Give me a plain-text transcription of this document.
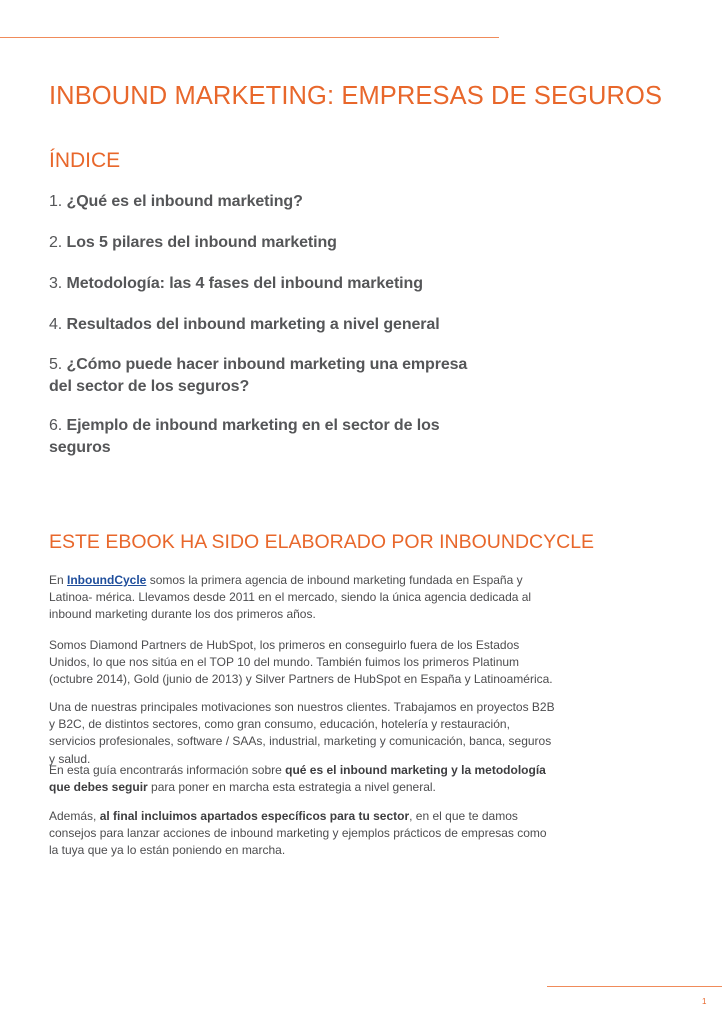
INBOUND MARKETING: EMPRESAS DE SEGUROS
ÍNDICE
1. ¿Qué es el inbound marketing?
2. Los 5 pilares del inbound marketing
3. Metodología: las 4 fases del inbound marketing
4. Resultados del inbound marketing a nivel general
5. ¿Cómo puede hacer inbound marketing una empresa del sector de los seguros?
6. Ejemplo de inbound marketing en el sector de los seguros
ESTE EBOOK HA SIDO ELABORADO POR INBOUNDCYCLE

En InboundCycle somos la primera agencia de inbound marketing fundada en España y Latinoa- mérica. Llevamos desde 2011 en el mercado, siendo la única agencia dedicada al inbound marketing durante los dos primeros años.

Somos Diamond Partners de HubSpot, los primeros en conseguirlo fuera de los Estados Unidos, lo que nos sitúa en el TOP 10 del mundo. También fuimos los primeros Platinum (octubre 2014), Gold (junio de 2013) y Silver Partners de HubSpot en España y Latinoamérica.

Una de nuestras principales motivaciones son nuestros clientes. Trabajamos en proyectos B2B y B2C, de distintos sectores, como gran consumo, educación, hotelería y restauración, servicios profesionales, software / SAAs, industrial, marketing y comunicación, banca, seguros y salud.

En esta guía encontrarás información sobre qué es el inbound marketing y la metodología que debes seguir para poner en marcha esta estrategia a nivel general.

Además, al final incluimos apartados específicos para tu sector, en el que te damos consejos para lanzar acciones de inbound marketing y ejemplos prácticos de empresas como la tuya que ya lo están poniendo en marcha.

1
